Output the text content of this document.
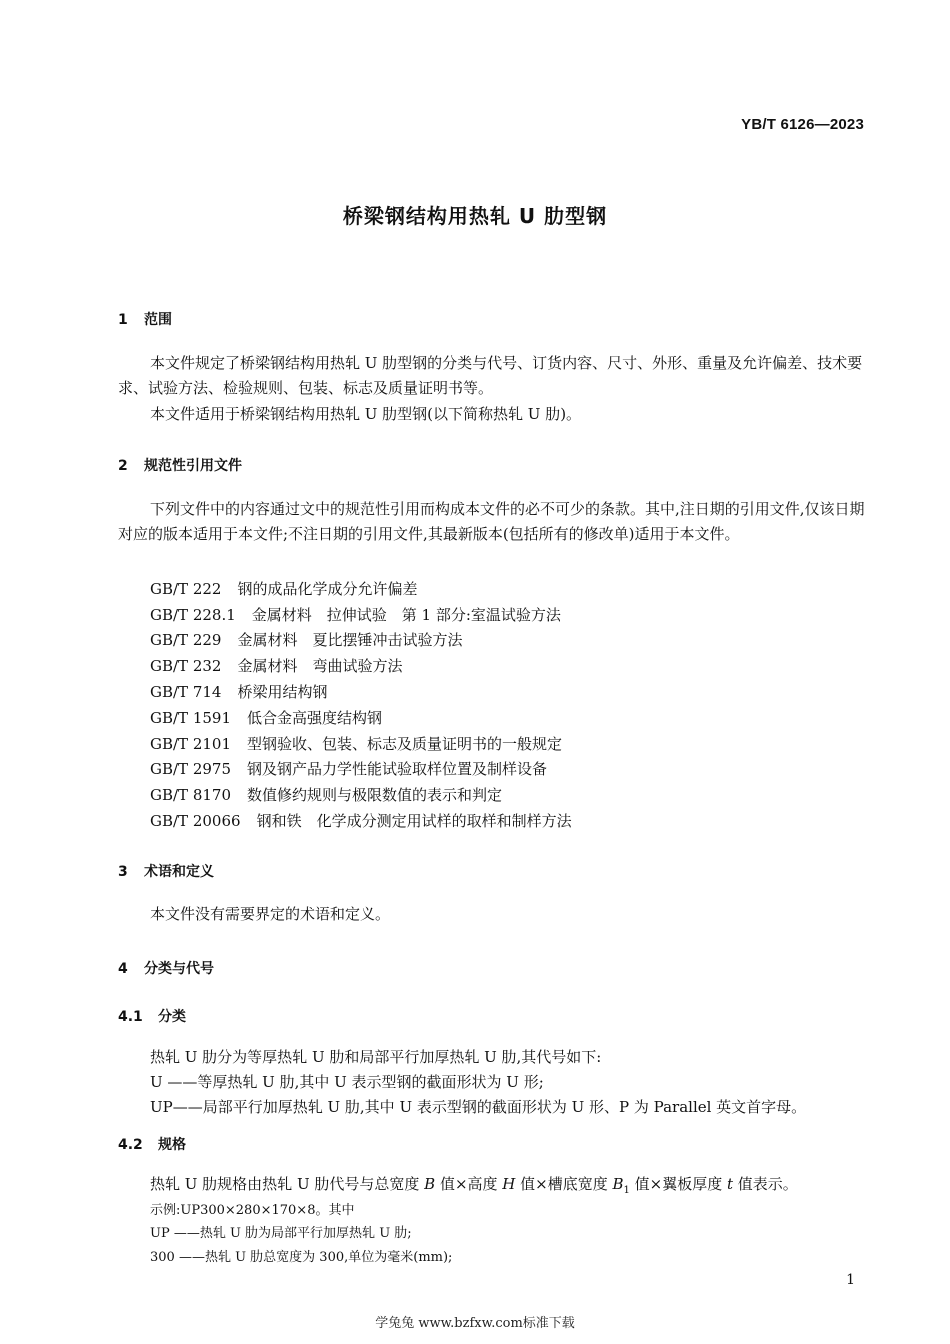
YB/T 6126—2023
桥梁钢结构用热轧 U 肋型钢
1 范围
本文件规定了桥梁钢结构用热轧 U 肋型钢的分类与代号、订货内容、尺寸、外形、重量及允许偏差、技术要求、试验方法、检验规则、包装、标志及质量证明书等。
本文件适用于桥梁钢结构用热轧 U 肋型钢(以下简称热轧 U 肋)。
2 规范性引用文件
下列文件中的内容通过文中的规范性引用而构成本文件的必不可少的条款。其中,注日期的引用文件,仅该日期对应的版本适用于本文件;不注日期的引用文件,其最新版本(包括所有的修改单)适用于本文件。
GB/T 222 钢的成品化学成分允许偏差
GB/T 228.1 金属材料　拉伸试验　第 1 部分:室温试验方法
GB/T 229 金属材料　夏比摆锤冲击试验方法
GB/T 232 金属材料　弯曲试验方法
GB/T 714 桥梁用结构钢
GB/T 1591 低合金高强度结构钢
GB/T 2101 型钢验收、包装、标志及质量证明书的一般规定
GB/T 2975 钢及钢产品力学性能试验取样位置及制样设备
GB/T 8170 数值修约规则与极限数值的表示和判定
GB/T 20066 钢和铁　化学成分测定用试样的取样和制样方法
3 术语和定义
本文件没有需要界定的术语和定义。
4 分类与代号
4.1 分类
热轧 U 肋分为等厚热轧 U 肋和局部平行加厚热轧 U 肋,其代号如下:
U ——等厚热轧 U 肋,其中 U 表示型钢的截面形状为 U 形;
UP——局部平行加厚热轧 U 肋,其中 U 表示型钢的截面形状为 U 形、P 为 Parallel 英文首字母。
4.2 规格
热轧 U 肋规格由热轧 U 肋代号与总宽度 B 值×高度 H 值×槽底宽度 $B_1$ 值×翼板厚度 t 值表示。
示例:UP300×280×170×8。其中
UP ——热轧 U 肋为局部平行加厚热轧 U 肋;
300 ——热轧 U 肋总宽度为 300,单位为毫米(mm);
1
学兔兔 www.bzfxw.com标准下载
